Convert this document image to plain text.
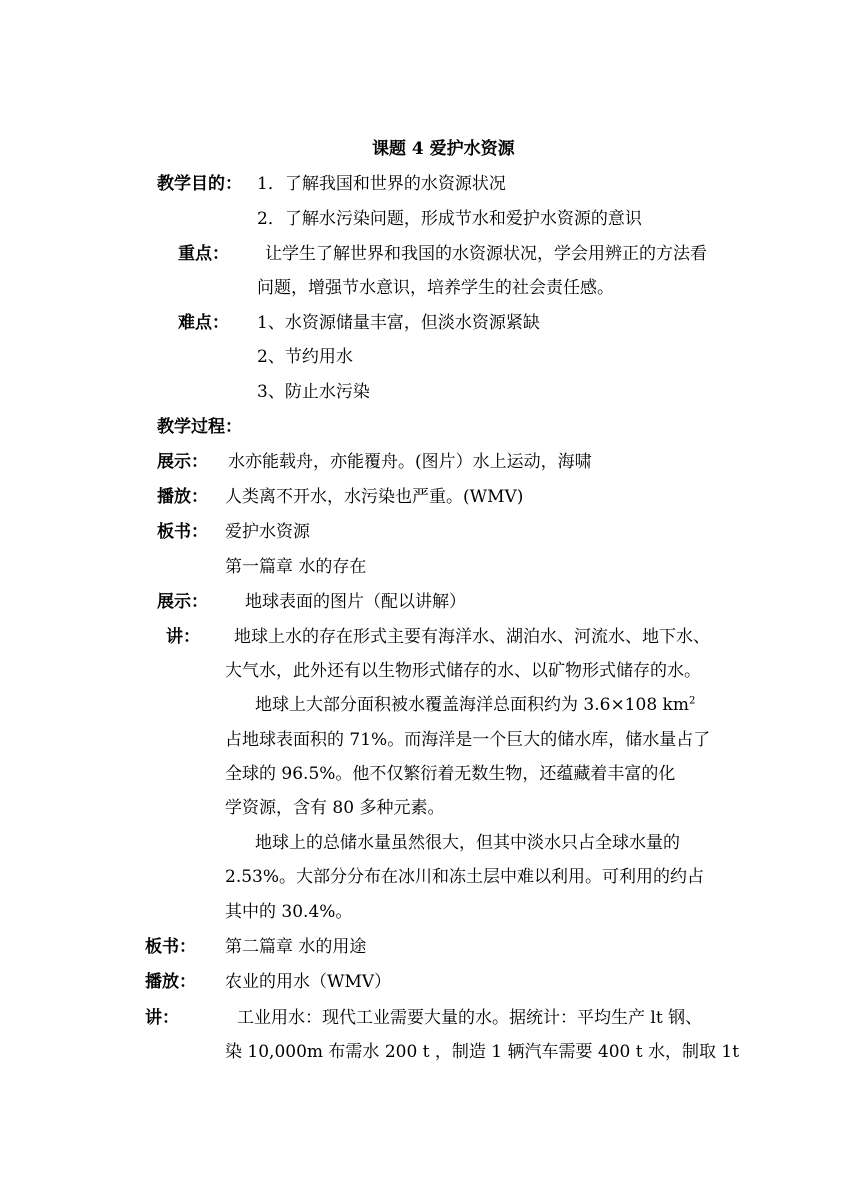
课题 4 爱护水资源
教学目的： 1．了解我国和世界的水资源状况
2．了解水污染问题，形成节水和爱护水资源的意识
重点： 让学生了解世界和我国的水资源状况，学会用辨正的方法看
问题，增强节水意识，培养学生的社会责任感。
难点： 1、水资源储量丰富，但淡水资源紧缺
2、节约用水
3、防止水污染
教学过程：
展示： 水亦能载舟，亦能覆舟。(图片）水上运动，海啸
播放： 人类离不开水，水污染也严重。(WMV)
板书： 爱护水资源
第一篇章 水的存在
展示： 地球表面的图片（配以讲解）
讲： 地球上水的存在形式主要有海洋水、湖泊水、河流水、地下水、
大气水，此外还有以生物形式储存的水、以矿物形式储存的水。
地球上大部分面积被水覆盖海洋总面积约为 3.6×108 $km^2$
占地球表面积的 71%。而海洋是一个巨大的储水库，储水量占了
全球的 96.5%。他不仅繁衍着无数生物，还蕴藏着丰富的化
学资源，含有 80 多种元素。
地球上的总储水量虽然很大，但其中淡水只占全球水量的
2.53%。大部分分布在冰川和冻土层中难以利用。可利用的约占
其中的 30.4%。
板书： 第二篇章 水的用途
播放： 农业的用水（WMV）
讲：	工业用水：现代工业需要大量的水。据统计：平均生产 lt 钢、
染 10,000m 布需水 200 t ，制造 1 辆汽车需要 400 t 水，制取 1t
